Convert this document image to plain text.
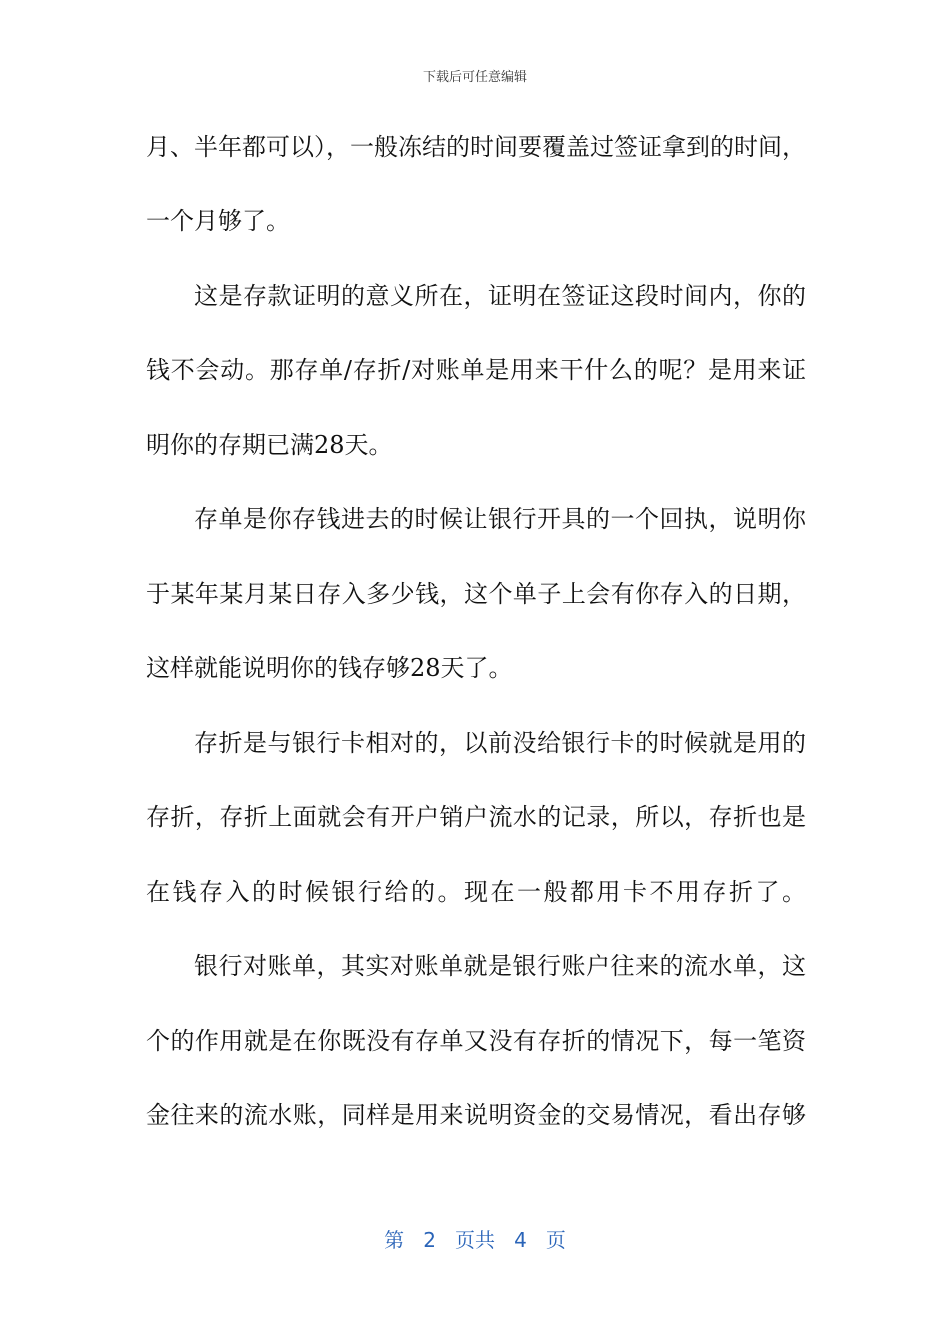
下载后可任意编辑
月、半年都可以），一般冻结的时间要覆盖过签证拿到的时间，
一个月够了。
这是存款证明的意义所在，证明在签证这段时间内，你的
钱不会动。那存单/存折/对账单是用来干什么的呢？是用来证
明你的存期已满28天。
存单是你存钱进去的时候让银行开具的一个回执，说明你
于某年某月某日存入多少钱，这个单子上会有你存入的日期，
这样就能说明你的钱存够28天了。
存折是与银行卡相对的，以前没给银行卡的时候就是用的
存折，存折上面就会有开户销户流水的记录，所以，存折也是
在钱存入的时候银行给的。现在一般都用卡不用存折了。
银行对账单，其实对账单就是银行账户往来的流水单，这
个的作用就是在你既没有存单又没有存折的情况下，每一笔资
金往来的流水账，同样是用来说明资金的交易情况，看出存够
第 2 页共 4 页
